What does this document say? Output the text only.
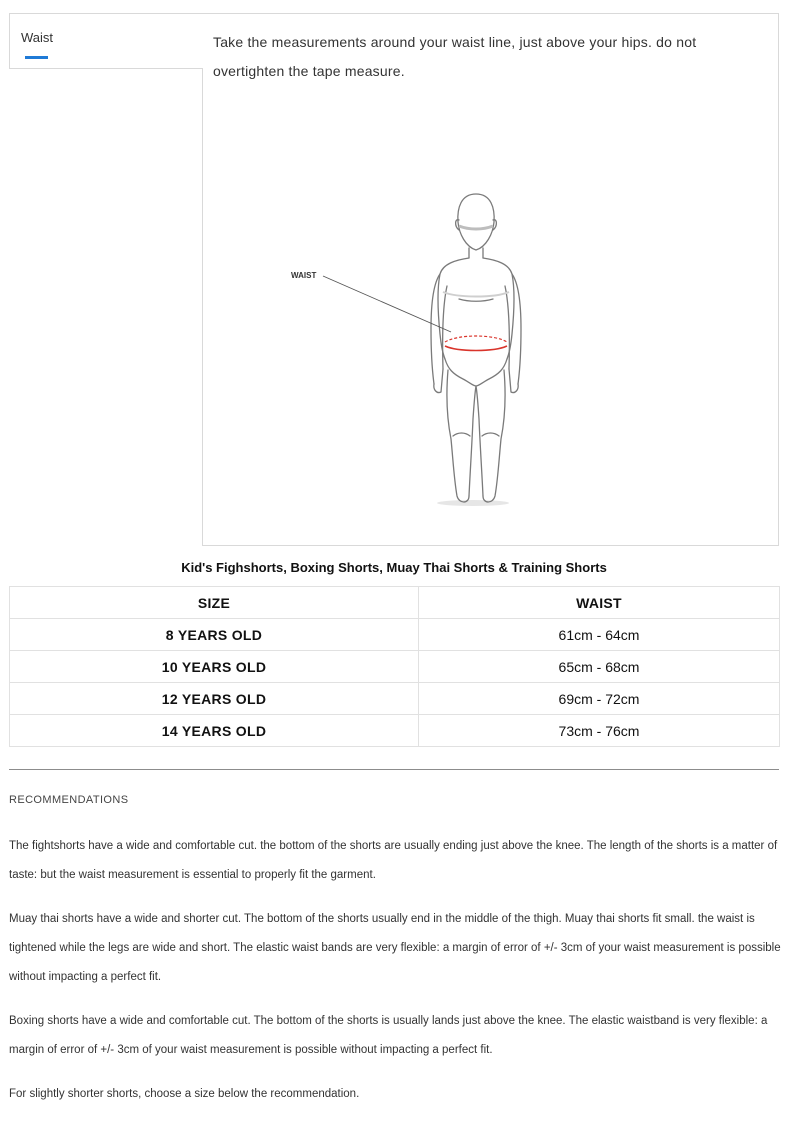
Waist	Take the measurements around your waist line, just above your hips. do not overtighten the tape measure.
WAIST
Kid's Fighshorts, Boxing Shorts, Muay Thai Shorts & Training Shorts
SIZE	WAIST
8 YEARS OLD	61cm - 64cm
10 YEARS OLD	65cm - 68cm
12 YEARS OLD	69cm - 72cm
14 YEARS OLD	73cm - 76cm
RECOMMENDATIONS

The fightshorts have a wide and comfortable cut. the bottom of the shorts are usually ending just above the knee. The length of the shorts is a matter of taste: but the waist measurement is essential to properly fit the garment.

Muay thai shorts have a wide and shorter cut. The bottom of the shorts usually end in the middle of the thigh. Muay thai shorts fit small. the waist is tightened while the legs are wide and short. The elastic waist bands are very flexible: a margin of error of +/- 3cm of your waist measurement is possible without impacting a perfect fit.

Boxing shorts have a wide and comfortable cut. The bottom of the shorts is usually lands just above the knee. The elastic waistband is very flexible: a margin of error of +/- 3cm of your waist measurement is possible without impacting a perfect fit.

For slightly shorter shorts, choose a size below the recommendation.
